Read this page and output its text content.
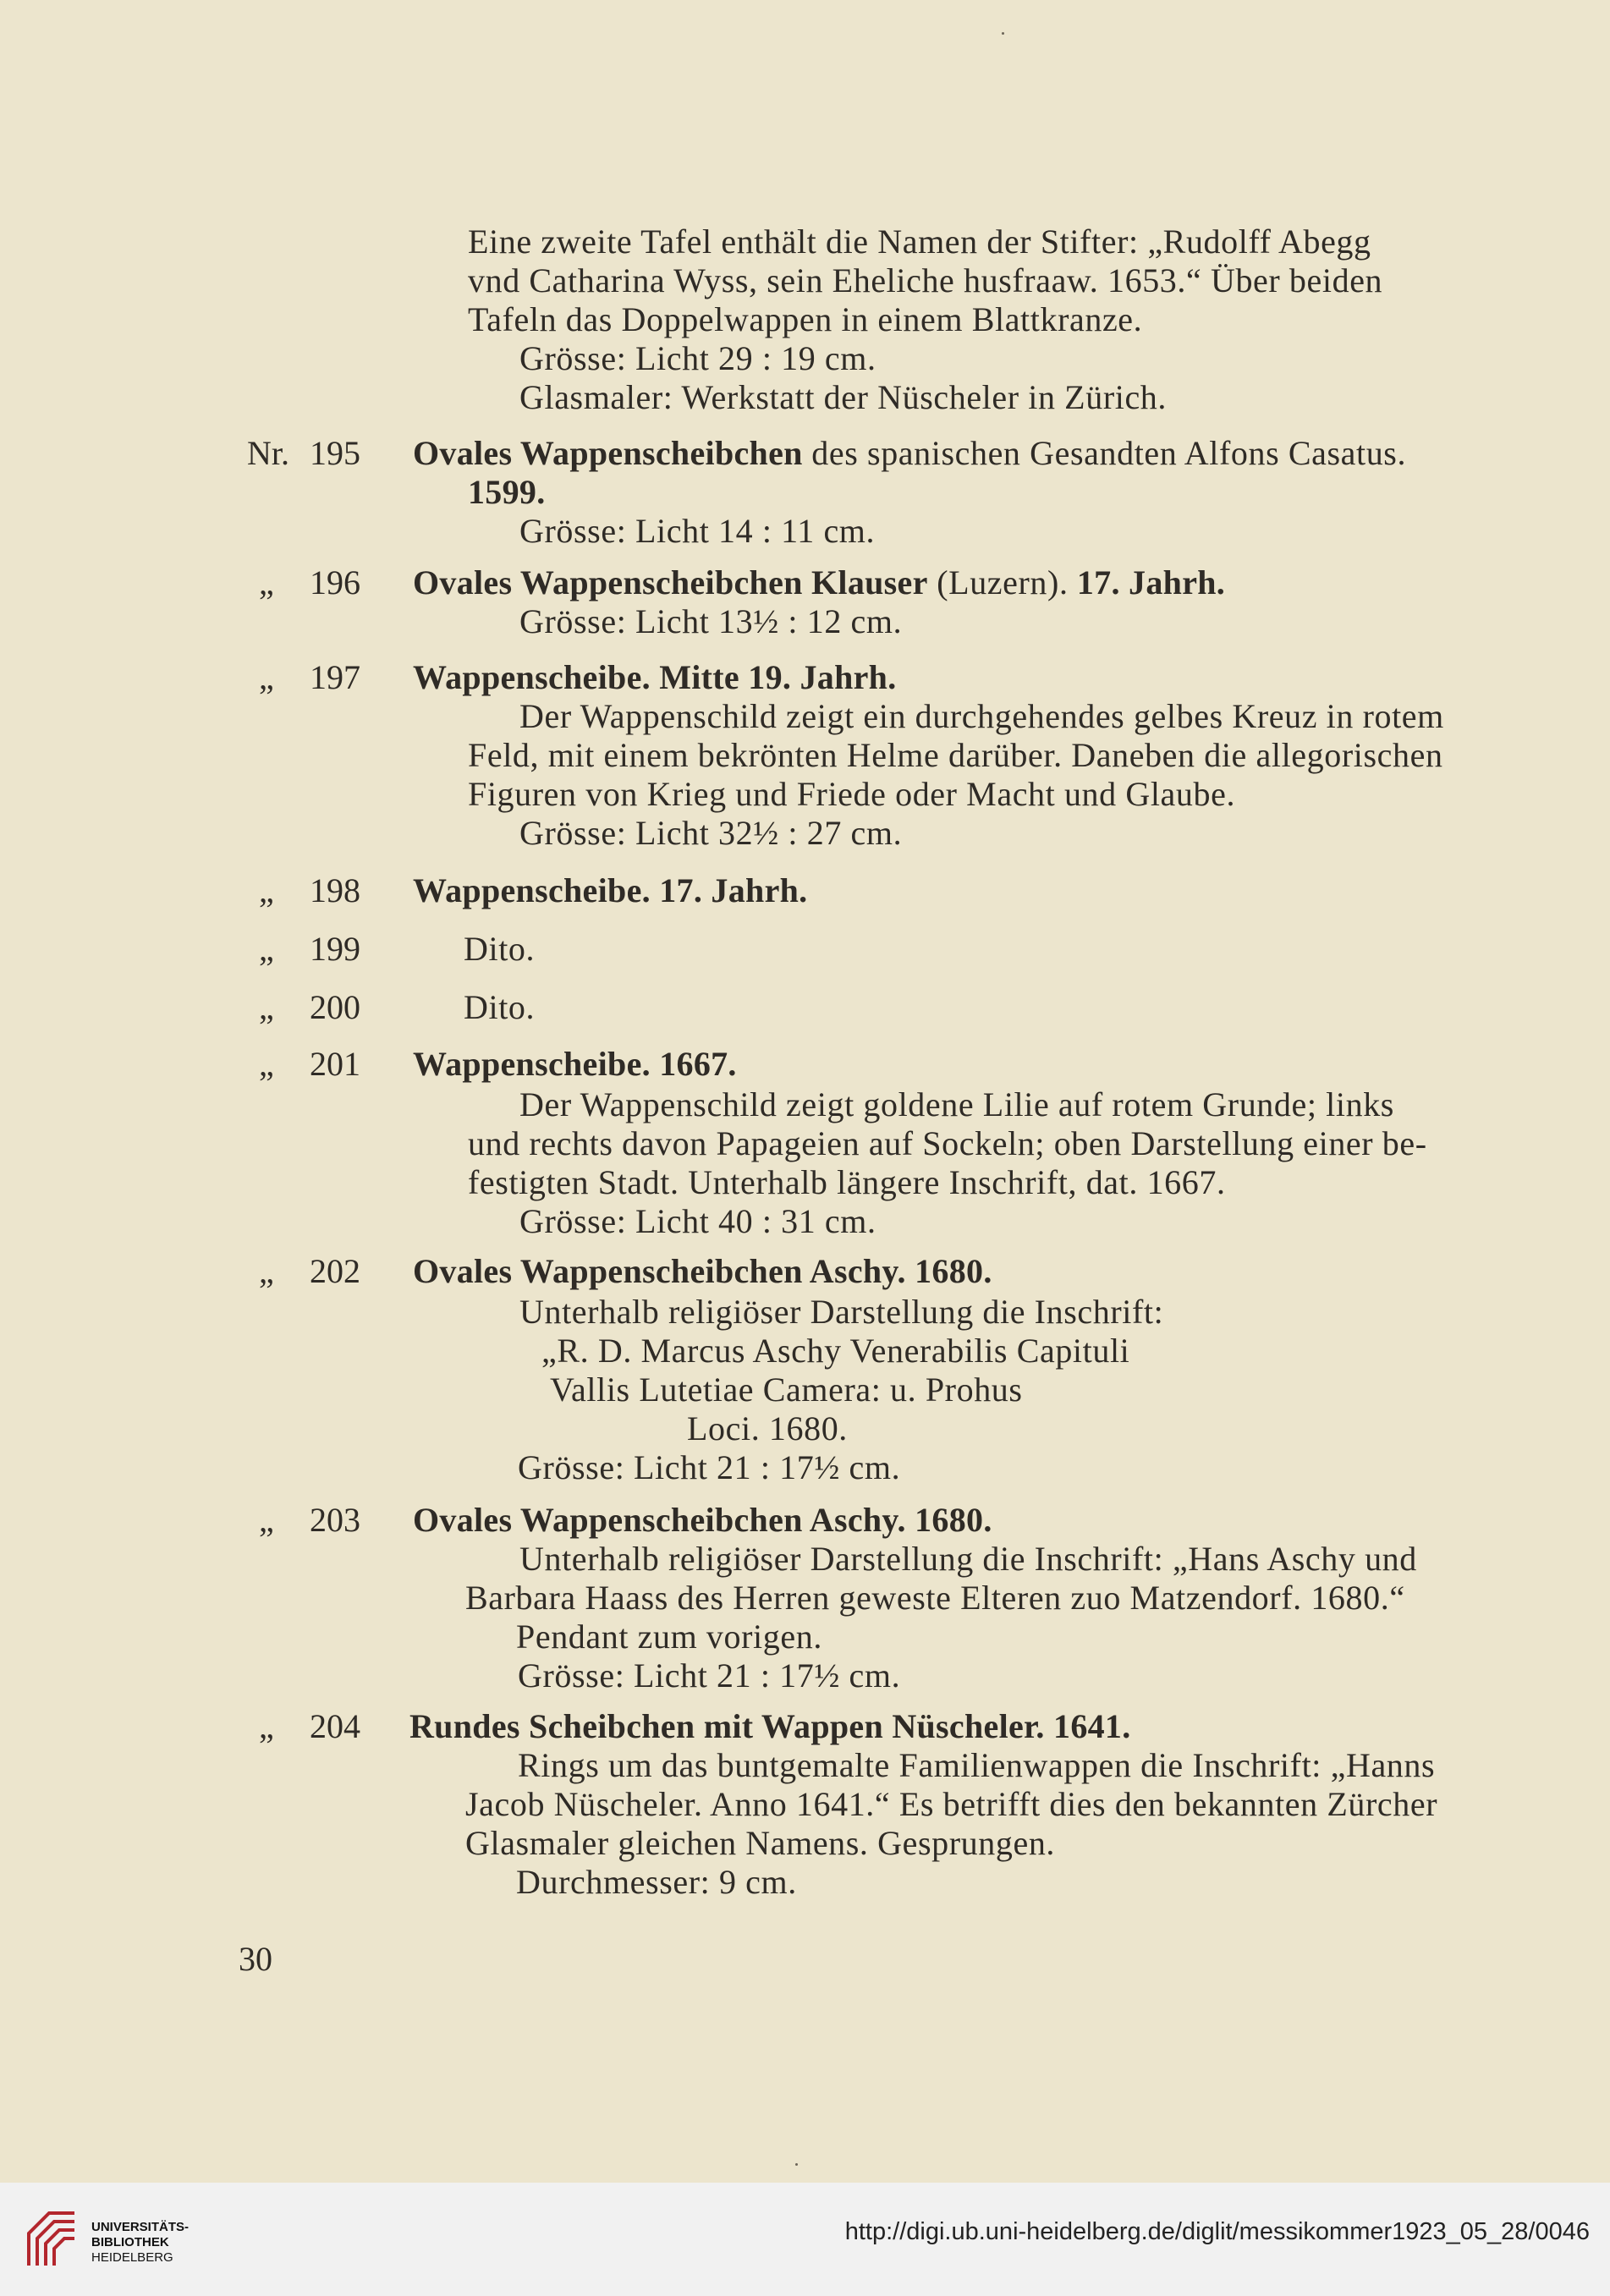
Eine zweite Tafel enthält die Namen der Stifter: „Rudolff Abegg
vnd Catharina Wyss, sein Eheliche husfraaw. 1653.“ Über beiden
Tafeln das Doppelwappen in einem Blattkranze.
Grösse: Licht 29 : 19 cm.
Glasmaler: Werkstatt der Nüscheler in Zürich.
Nr. 195 Ovales Wappenscheibchen des spanischen Gesandten Alfons Casatus.
1599.
Grösse: Licht 14 : 11 cm.
„ 196 Ovales Wappenscheibchen Klauser (Luzern). 17. Jahrh.
Grösse: Licht 13½ : 12 cm.
„ 197 Wappenscheibe. Mitte 19. Jahrh.
Der Wappenschild zeigt ein durchgehendes gelbes Kreuz in rotem
Feld, mit einem bekrönten Helme darüber. Daneben die allegorischen
Figuren von Krieg und Friede oder Macht und Glaube.
Grösse: Licht 32½ : 27 cm.
„ 198 Wappenscheibe. 17. Jahrh.
„ 199	Dito.
„ 200	Dito.
„ 201 Wappenscheibe. 1667.
Der Wappenschild zeigt goldene Lilie auf rotem Grunde; links
und rechts davon Papageien auf Sockeln; oben Darstellung einer be-
festigten Stadt. Unterhalb längere Inschrift, dat. 1667.
Grösse: Licht 40 : 31 cm.
„ 202 Ovales Wappenscheibchen Aschy. 1680.
Unterhalb religiöser Darstellung die Inschrift:
„R. D. Marcus Aschy Venerabilis Capituli
Vallis Lutetiae Camera: u. Prohus
Loci. 1680.
Grösse: Licht 21 : 17½ cm.
„ 203 Ovales Wappenscheibchen Aschy. 1680.
Unterhalb religiöser Darstellung die Inschrift: „Hans Aschy und
Barbara Haass des Herren geweste Elteren zuo Matzendorf. 1680.“
Pendant zum vorigen.
Grösse: Licht 21 : 17½ cm.
„ 204 Rundes Scheibchen mit Wappen Nüscheler. 1641.
Rings um das buntgemalte Familienwappen die Inschrift: „Hanns
Jacob Nüscheler. Anno 1641.“ Es betrifft dies den bekannten Zürcher
Glasmaler gleichen Namens. Gesprungen.
Durchmesser: 9 cm.
30
UNIVERSITÄTS-
BIBLIOTHEK
HEIDELBERG
http://digi.ub.uni-heidelberg.de/diglit/messikommer1923_05_28/0046
